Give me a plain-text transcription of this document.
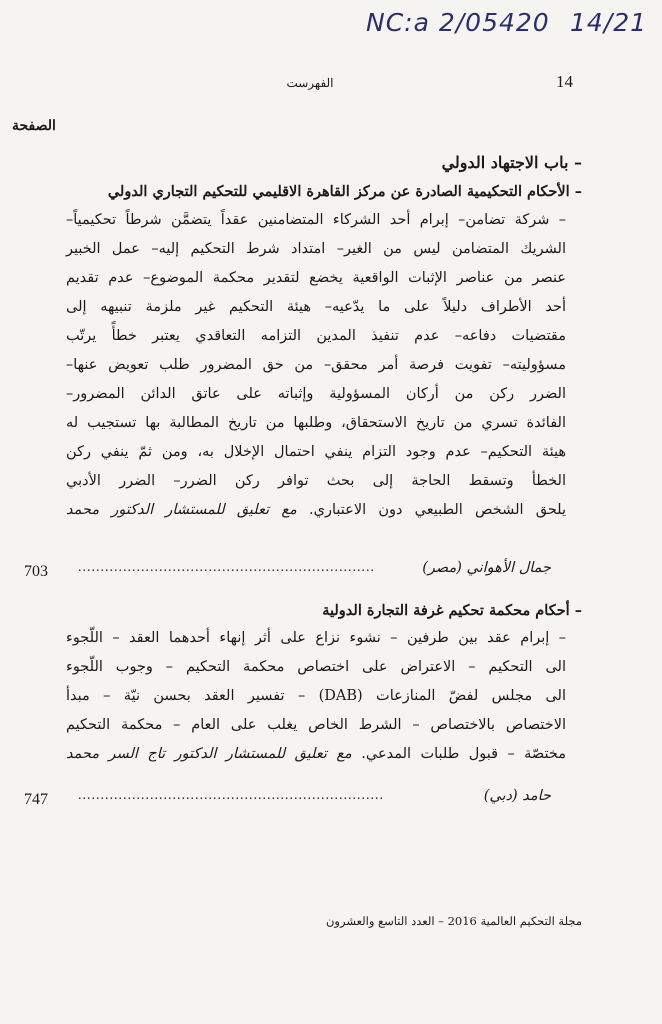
NC:a 2/05420 14/21
14
الفهرست
الصفحة
– باب الاجتهاد الدولي
– الأحكام التحكيمية الصادرة عن مركز القاهرة الاقليمي للتحكيم التجاري الدولي
– شركة تضامن– إبرام أحد الشركاء المتضامنين عقداً يتضمَّن شرطاً تحكيمياً–
الشريك المتضامن ليس من الغير– امتداد شرط التحكيم إليه– عمل الخبير
عنصر من عناصر الإثبات الواقعية يخضع لتقدير محكمة الموضوع– عدم تقديم
أحد الأطراف دليلاً على ما يدّعيه– هيئة التحكيم غير ملزمة تنبيهه إلى
مقتضيات دفاعه– عدم تنفيذ المدين التزامه التعاقدي يعتبر خطأً يرتّب
مسؤوليته– تفويت فرصة أمر محقق– من حق المضرور طلب تعويض عنها–
الضرر ركن من أركان المسؤولية وإثباته على عاتق الدائن المضرور–
الفائدة تسري من تاريخ الاستحقاق، وطلبها من تاريخ المطالبة بها تستجيب له
هيئة التحكيم– عدم وجود التزام ينفي احتمال الإخلال به، ومن ثمّ ينفي ركن
الخطأ وتسقط الحاجة إلى بحث توافر ركن الضرر– الضرر الأدبي
يلحق الشخص الطبيعي دون الاعتباري. مع تعليق للمستشار الدكتور محمد
جمال الأهواني (مصر)
..................................................................
703
– أحكام محكمة تحكيم غرفة التجارة الدولية
– إبرام عقد بين طرفين – نشوء نزاع على أثر إنهاء أحدهما العقد – اللّجوء
الى التحكيم – الاعتراض على اختصاص محكمة التحكيم – وجوب اللّجوء
الى مجلس لفضّ المنازعات (DAB) – تفسير العقد بحسن نيّة – مبدأ
الاختصاص بالاختصاص – الشرط الخاص يغلب على العام – محكمة التحكيم
مختصّة – قبول طلبات المدعي. مع تعليق للمستشار الدكتور تاج السر محمد
حامد (دبي)
....................................................................
747
مجلة التحكيم العالمية 2016 – العدد التاسع والعشرون
